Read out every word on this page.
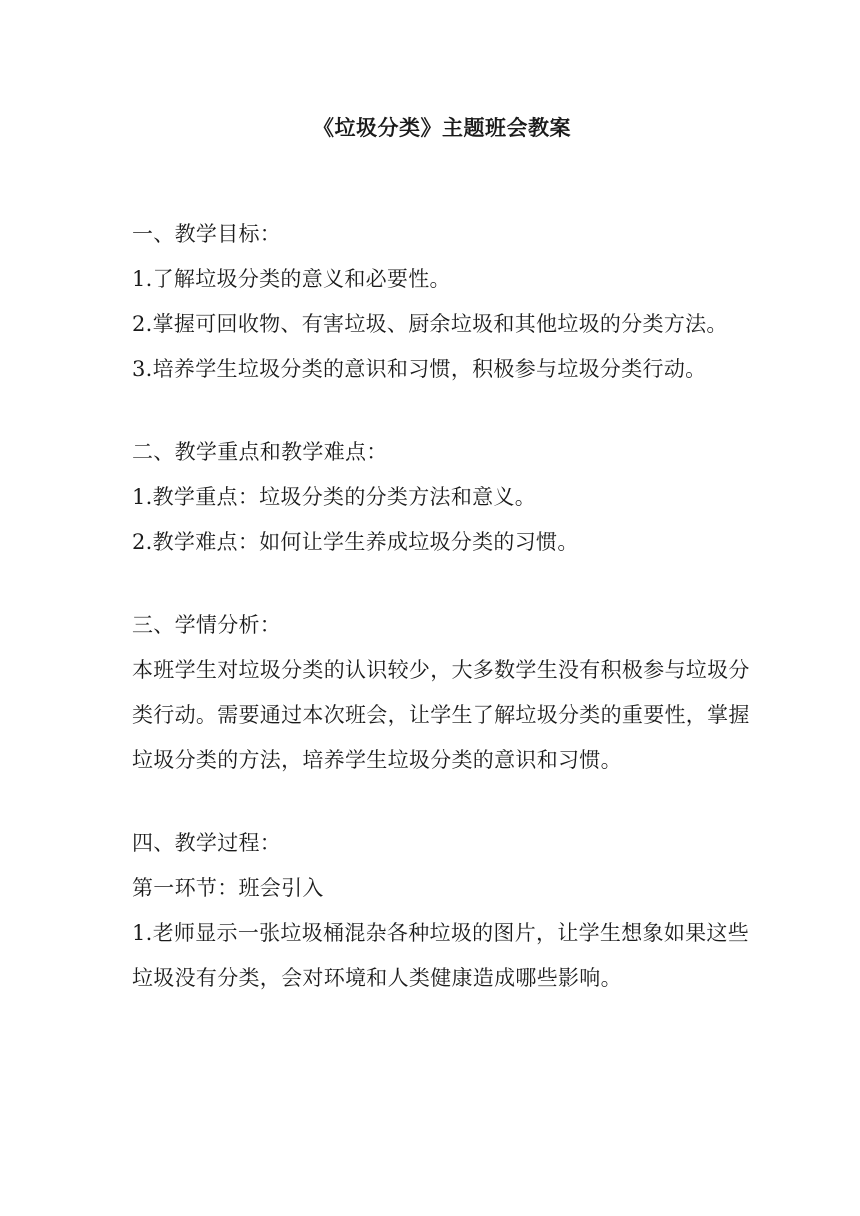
《垃圾分类》主题班会教案

一、教学目标：

1.了解垃圾分类的意义和必要性。

2.掌握可回收物、有害垃圾、厨余垃圾和其他垃圾的分类方法。

3.培养学生垃圾分类的意识和习惯，积极参与垃圾分类行动。

二、教学重点和教学难点：

1.教学重点：垃圾分类的分类方法和意义。

2.教学难点：如何让学生养成垃圾分类的习惯。

三、学情分析：

本班学生对垃圾分类的认识较少，大多数学生没有积极参与垃圾分类行动。需要通过本次班会，让学生了解垃圾分类的重要性，掌握垃圾分类的方法，培养学生垃圾分类的意识和习惯。

四、教学过程：

第一环节：班会引入

1.老师显示一张垃圾桶混杂各种垃圾的图片，让学生想象如果这些垃圾没有分类，会对环境和人类健康造成哪些影响。
